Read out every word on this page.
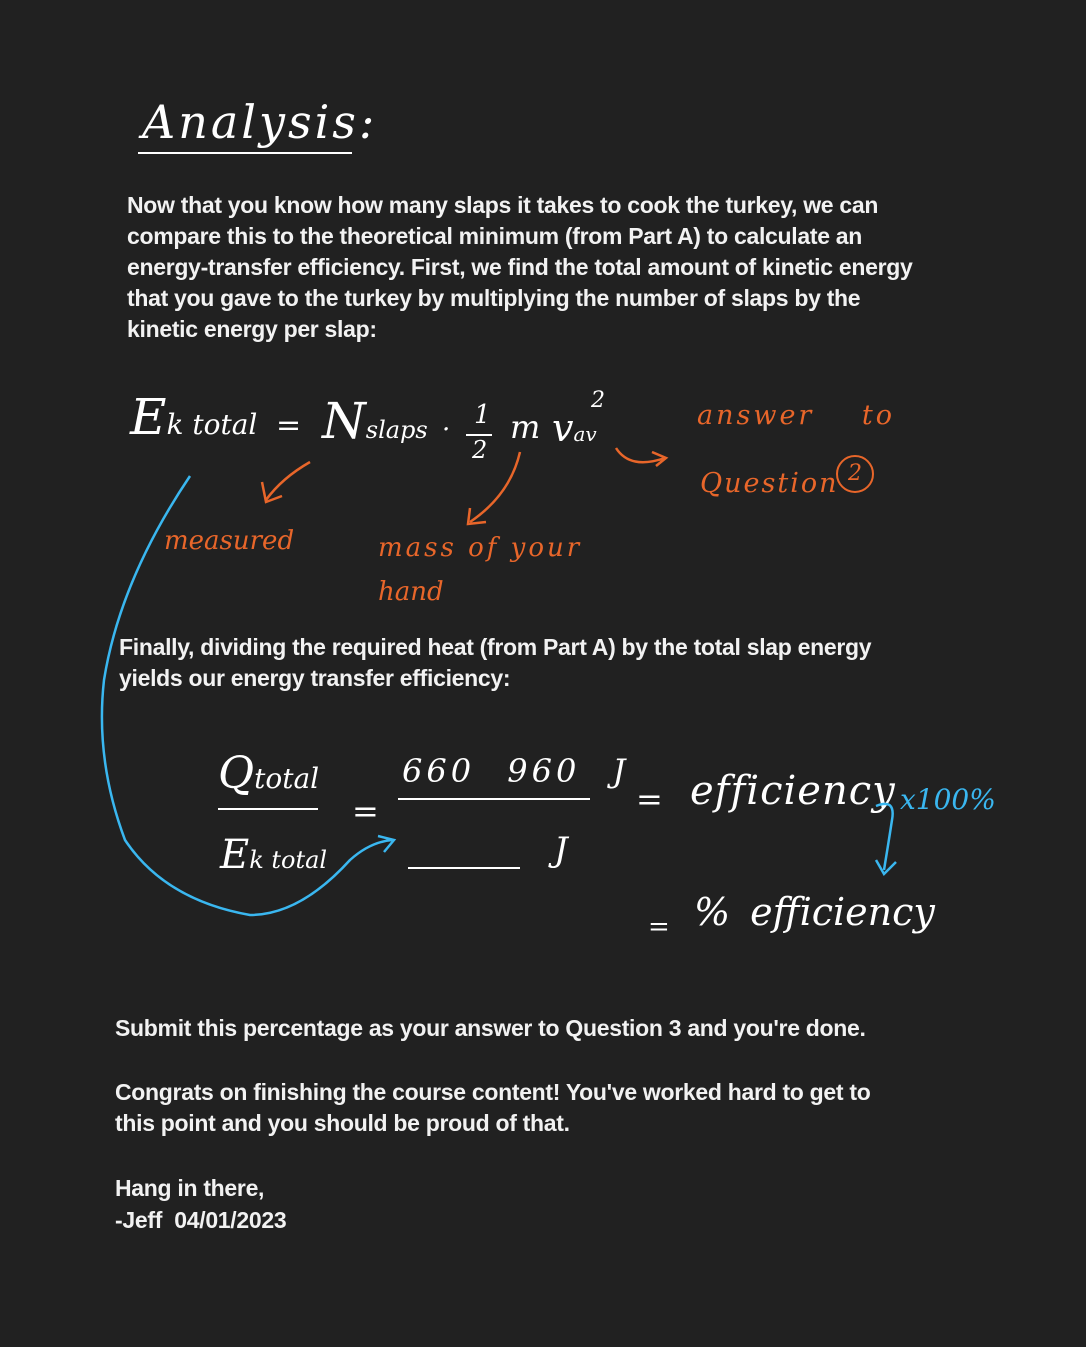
Analysis:
Now that you know how many slaps it takes to cook the turkey, we can compare this to the theoretical minimum (from Part A) to calculate an energy-transfer efficiency. First, we find the total amount of kinetic energy that you gave to the turkey by multiplying the number of slaps by the kinetic energy per slap:
Ek total = Nslaps · 1
2
m vav
2
measured	mass of your
hand
answer to
Question 2
Finally, dividing the required heat (from Part A) by the total slap energy yields our energy transfer efficiency:
Qtotal
Ek total
=
660 960 J
J
= efficiency x100%
= % efficiency
Submit this percentage as your answer to Question 3 and you're done.
Congrats on finishing the course content! You've worked hard to get to this point and you should be proud of that.
Hang in there,
-Jeff  04/01/2023
